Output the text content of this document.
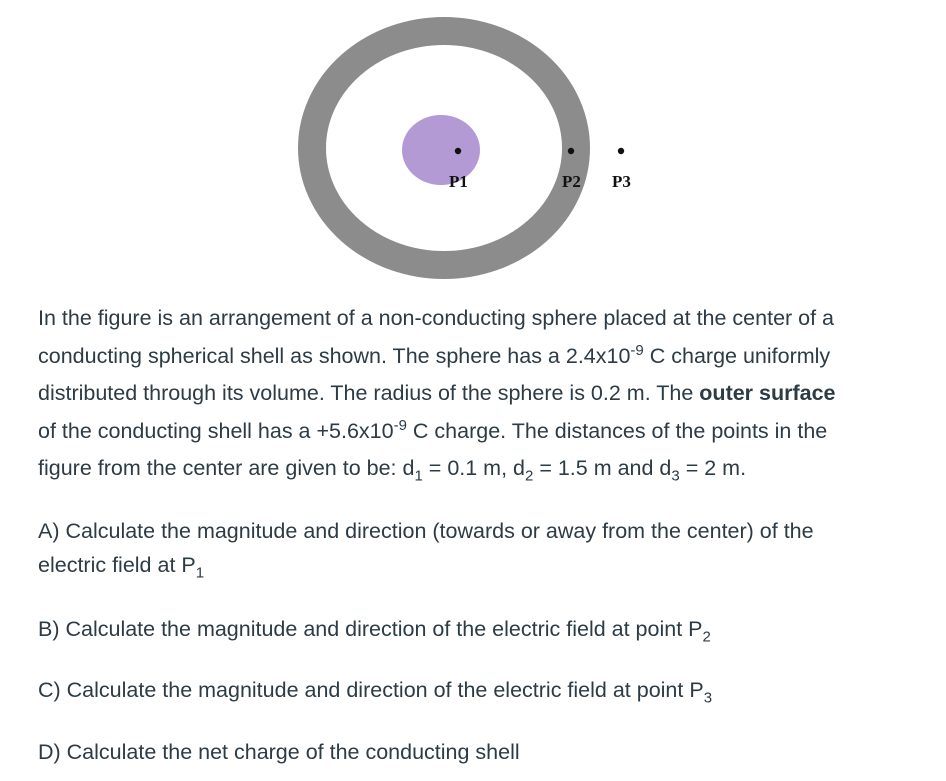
P1	P2 P3
In the figure is an arrangement of a non-conducting sphere placed at the center of a
conducting spherical shell as shown. The sphere has a $2.4x10^{-9}$ C charge uniformly
distributed through its volume. The radius of the sphere is 0.2 m. The outer surface
of the conducting shell has $a +5.6x10^{-9}$ C charge. The distances of the points in the
figure from the center are given to be: $d_1 = 0.1$ m, $d_2 = 1.5$ m and $d_3 = 2$ m.
A) Calculate the magnitude and direction (towards or away from the center) of the
electric field at $P_1$
B) Calculate the magnitude and direction of the electric field at point $P_2$
C) Calculate the magnitude and direction of the electric field at point $P_3$
D) Calculate the net charge of the conducting shell
